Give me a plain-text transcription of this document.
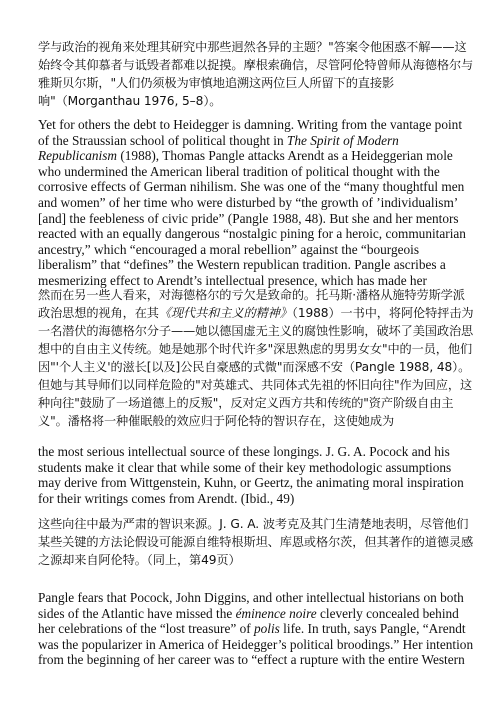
学与政治的视角来处理其研究中那些迥然各异的主题？"答案令他困惑不解——这始终令其仰慕者与诋毁者都难以捉摸。摩根索确信，尽管阿伦特曾师从海德格尔与雅斯贝尔斯，"人们仍须极为审慎地追溯这两位巨人所留下的直接影响"（Morganthau 1976, 5–8）。

Yet for others the debt to Heidegger is damning. Writing from the vantage point of the Straussian school of political thought in The Spirit of Modern Republicanism (1988), Thomas Pangle attacks Arendt as a Heideggerian mole who undermined the American liberal tradition of political thought with the corrosive effects of German nihilism. She was one of the “many thoughtful men and women” of her time who were disturbed by “the growth of ’individualism’ [and] the feebleness of civic pride” (Pangle 1988, 48). But she and her mentors reacted with an equally dangerous “nostalgic pining for a heroic, communitarian ancestry,” which “encouraged a moral rebellion” against the “bourgeois liberalism” that “defines” the Western republican tradition. Pangle ascribes a mesmerizing effect to Arendt’s intellectual presence, which has made her

然而在另一些人看来，对海德格尔的亏欠是致命的。托马斯·潘格从施特劳斯学派政治思想的视角，在其《现代共和主义的精神》（1988）一书中，将阿伦特抨击为一名潜伏的海德格尔分子——她以德国虚无主义的腐蚀性影响，破坏了美国政治思想中的自由主义传统。她是她那个时代许多"深思熟虑的男男女女"中的一员，他们因"'个人主义'的滋长[以及]公民自豪感的式微"而深感不安（Pangle 1988, 48）。但她与其导师们以同样危险的"对英雄式、共同体式先祖的怀旧向往"作为回应，这种向往"鼓励了一场道德上的反叛"，反对定义西方共和传统的"资产阶级自由主义"。潘格将一种催眠般的效应归于阿伦特的智识存在，这使她成为

the most serious intellectual source of these longings. J. G. A. Pocock and his students make it clear that while some of their key methodologic assumptions may derive from Wittgenstein, Kuhn, or Geertz, the animating moral inspiration for their writings comes from Arendt. (Ibid., 49)

这些向往中最为严肃的智识来源。J. G. A. 波考克及其门生清楚地表明，尽管他们某些关键的方法论假设可能源自维特根斯坦、库恩或格尔茨，但其著作的道德灵感之源却来自阿伦特。（同上，第49页）

Pangle fears that Pocock, John Diggins, and other intellectual historians on both sides of the Atlantic have missed the éminence noire cleverly concealed behind her celebrations of the “lost treasure” of polis life. In truth, says Pangle, “Arendt was the popularizer in America of Heidegger’s political broodings.” Her intention from the beginning of her career was to “effect a rupture with the entire Western
